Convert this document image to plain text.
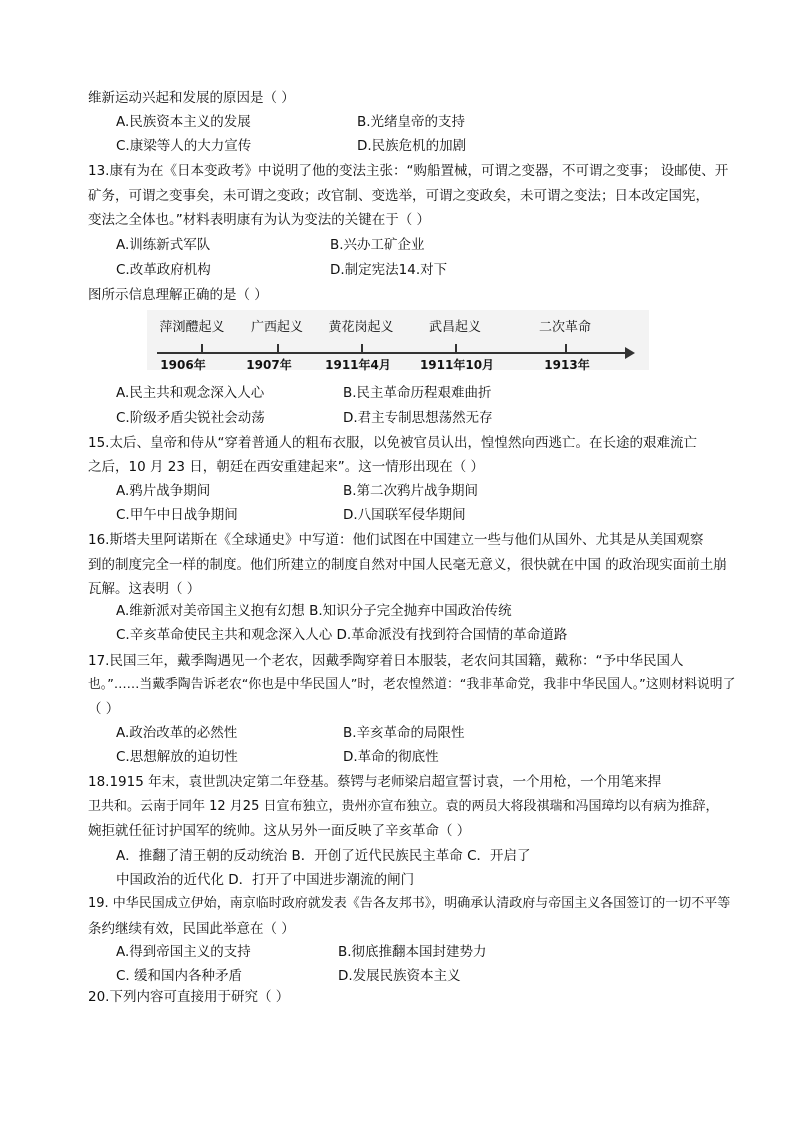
维新运动兴起和发展的原因是（ ）
A.民族资本主义的发展	B.光绪皇帝的支持
C.康梁等人的大力宣传	D.民族危机的加剧
13.康有为在《日本变政考》中说明了他的变法主张：“购船置械，可谓之变器，不可谓之变事； 设邮使、开
矿务，可谓之变事矣，未可谓之变政；改官制、变选举，可谓之变政矣，未可谓之变法；日本改定国宪，
变法之全体也。”材料表明康有为认为变法的关键在于（ ）
A.训练新式军队	B.兴办工矿企业
C.改革政府机构	D.制定宪法14.对下
图所示信息理解正确的是（ ）
萍浏醴起义 广西起义 黄花岗起义	武昌起义	二次革命
1906年	1907年	1911年4月 1911年10月	1913年
A.民主共和观念深入人心	B.民主革命历程艰难曲折
C.阶级矛盾尖锐社会动荡	D.君主专制思想荡然无存
15.太后、皇帝和侍从“穿着普通人的粗布衣服，以免被官员认出，惶惶然向西逃亡。在长途的艰难流亡
之后，10 月 23 日，朝廷在西安重建起来”。这一情形出现在（ ）
A.鸦片战争期间	B.第二次鸦片战争期间
C.甲午中日战争期间	D.八国联军侵华期间
16.斯塔夫里阿诺斯在《全球通史》中写道：他们试图在中国建立一些与他们从国外、尤其是从美国观察
到的制度完全一样的制度。他们所建立的制度自然对中国人民毫无意义，很快就在中国 的政治现实面前土崩
瓦解。这表明（ ）
A.维新派对美帝国主义抱有幻想 B.知识分子完全抛弃中国政治传统
C.辛亥革命使民主共和观念深入人心 D.革命派没有找到符合国情的革命道路
17.民国三年，戴季陶遇见一个老农，因戴季陶穿着日本服装，老农问其国籍，戴称：“予中华民国人
也。”……当戴季陶告诉老农“你也是中华民国人”时，老农惶然道：“我非革命党，我非中华民国人。”这则材料说明了
（ ）
A.政治改革的必然性	B.辛亥革命的局限性
C.思想解放的迫切性	D.革命的彻底性
18.1915 年末，袁世凯决定第二年登基。蔡锷与老师梁启超宣誓讨袁，一个用枪，一个用笔来捍
卫共和。云南于同年 12 月25 日宣布独立，贵州亦宣布独立。袁的两员大将段祺瑞和冯国璋均以有病为推辞，
婉拒就任征讨护国军的统帅。这从另外一面反映了辛亥革命（ ）
A．推翻了清王朝的反动统治 B．开创了近代民族民主革命 C．开启了
中国政治的近代化 D．打开了中国进步潮流的闸门
19. 中华民国成立伊始，南京临时政府就发表《告各友邦书》，明确承认清政府与帝国主义各国签订的一切不平等
条约继续有效，民国此举意在（ ）
A.得到帝国主义的支持	B.彻底推翻本国封建势力
C. 缓和国内各种矛盾	D.发展民族资本主义
20.下列内容可直接用于研究（ ）
